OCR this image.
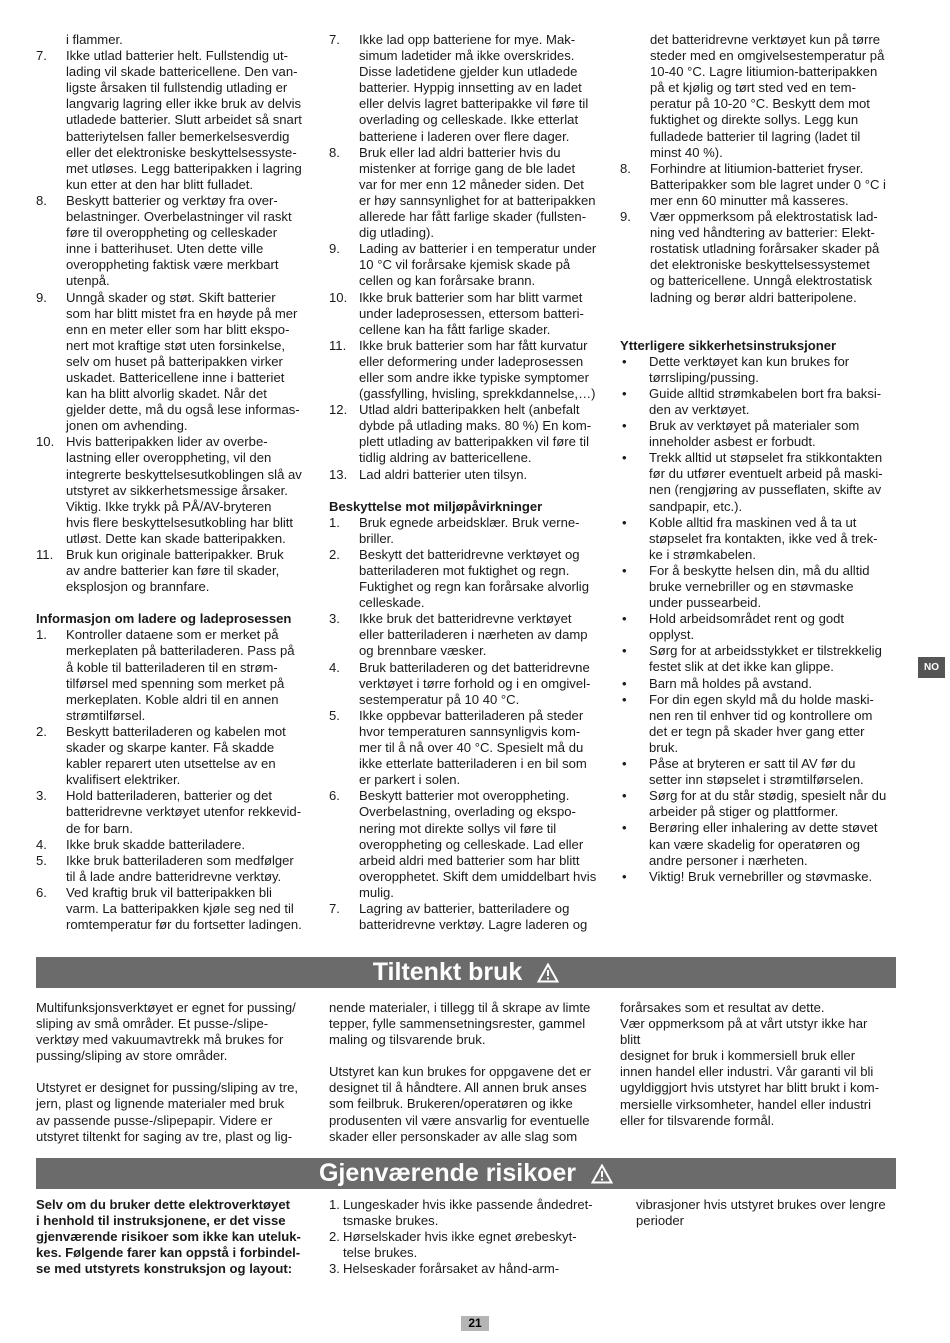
i flammer.
7. Ikke utlad batterier helt. Fullstendig ut-
lading vil skade battericellene. Den van-
ligste årsaken til fullstendig utlading er
langvarig lagring eller ikke bruk av delvis
utladede batterier. Slutt arbeidet så snart
batteriytelsen faller bemerkelsesverdig
eller det elektroniske beskyttelsessyste-
met utløses. Legg batteripakken i lagring
kun etter at den har blitt fulladet.
8. Beskytt batterier og verktøy fra over-
belastninger. Overbelastninger vil raskt
føre til overoppheting og celleskader
inne i batterihuset. Uten dette ville
overoppheting faktisk være merkbart
utenpå.
9. Unngå skader og støt. Skift batterier
som har blitt mistet fra en høyde på mer
enn en meter eller som har blitt ekspo-
nert mot kraftige støt uten forsinkelse,
selv om huset på batteripakken virker
uskadet. Battericellene inne i batteriet
kan ha blitt alvorlig skadet. Når det
gjelder dette, må du også lese informas-
jonen om avhending.
10. Hvis batteripakken lider av overbe-
lastning eller overoppheting, vil den
integrerte beskyttelsesutkoblingen slå av
utstyret av sikkerhetsmessige årsaker.
Viktig. Ikke trykk på PÅ/AV-bryteren
hvis flere beskyttelsesutkobling har blitt
utløst. Dette kan skade batteripakken.
11. Bruk kun originale batteripakker. Bruk
av andre batterier kan føre til skader,
eksplosjon og brannfare.
Informasjon om ladere og ladeprosessen
1. Kontroller dataene som er merket på
merkeplaten på batteriladeren. Pass på
å koble til batteriladeren til en strøm-
tilførsel med spenning som merket på
merkeplaten. Koble aldri til en annen
strømtilførsel.
2. Beskytt batteriladeren og kabelen mot
skader og skarpe kanter. Få skadde
kabler reparert uten utsettelse av en
kvalifisert elektriker.
3. Hold batteriladeren, batterier og det
batteridrevne verktøyet utenfor rekkevid-
de for barn.
4. Ikke bruk skadde batteriladere.
5. Ikke bruk batteriladeren som medfølger
til å lade andre batteridrevne verktøy.
6. Ved kraftig bruk vil batteripakken bli
varm. La batteripakken kjøle seg ned til
romtemperatur før du fortsetter ladingen.
7. Ikke lad opp batteriene for mye. Mak-
simum ladetider må ikke overskrides.
Disse ladetidene gjelder kun utladede
batterier. Hyppig innsetting av en ladet
eller delvis lagret batteripakke vil føre til
overlading og celleskade. Ikke etterlat
batteriene i laderen over flere dager.
8. Bruk eller lad aldri batterier hvis du
mistenker at forrige gang de ble ladet
var for mer enn 12 måneder siden. Det
er høy sannsynlighet for at batteripakken
allerede har fått farlige skader (fullsten-
dig utlading).
9. Lading av batterier i en temperatur under
10 °C vil forårsake kjemisk skade på
cellen og kan forårsake brann.
10. Ikke bruk batterier som har blitt varmet
under ladeprosessen, ettersom batteri-
cellene kan ha fått farlige skader.
11. Ikke bruk batterier som har fått kurvatur
eller deformering under ladeprosessen
eller som andre ikke typiske symptomer
(gassfylling, hvisling, sprekkdannelse,…)
12. Utlad aldri batteripakken helt (anbefalt
dybde på utlading maks. 80 %) En kom-
plett utlading av batteripakken vil føre til
tidlig aldring av battericellene.
13. Lad aldri batterier uten tilsyn.
Beskyttelse mot miljøpåvirkninger
1. Bruk egnede arbeidsklær. Bruk verne-
briller.
2. Beskytt det batteridrevne verktøyet og
batteriladeren mot fuktighet og regn.
Fuktighet og regn kan forårsake alvorlig
celleskade.
3. Ikke bruk det batteridrevne verktøyet
eller batteriladeren i nærheten av damp
og brennbare væsker.
4. Bruk batteriladeren og det batteridrevne
verktøyet i tørre forhold og i en omgivel-
sestemperatur på 10 40 °C.
5. Ikke oppbevar batteriladeren på steder
hvor temperaturen sannsynligvis kom-
mer til å nå over 40 °C. Spesielt må du
ikke etterlate batteriladeren i en bil som
er parkert i solen.
6. Beskytt batterier mot overoppheting.
Overbelastning, overlading og ekspo-
nering mot direkte sollys vil føre til
overoppheting og celleskade. Lad eller
arbeid aldri med batterier som har blitt
overopphetet. Skift dem umiddelbart hvis
mulig.
7. Lagring av batterier, batteriladere og
batteridrevne verktøy. Lagre laderen og
det batteridrevne verktøyet kun på tørre
steder med en omgivelsestemperatur på
10-40 °C. Lagre litiumion-batteripakken
på et kjølig og tørt sted ved en tem-
peratur på 10-20 °C. Beskytt dem mot
fuktighet og direkte sollys. Legg kun
fulladede batterier til lagring (ladet til
minst 40 %).
8. Forhindre at litiumion-batteriet fryser.
Batteripakker som ble lagret under 0 °C i
mer enn 60 minutter må kasseres.
9. Vær oppmerksom på elektrostatisk lad-
ning ved håndtering av batterier: Elekt-
rostatisk utladning forårsaker skader på
det elektroniske beskyttelsessystemet
og battericellene. Unngå elektrostatisk
ladning og berør aldri batteripolene.
Ytterligere sikkerhetsinstruksjoner
• Dette verktøyet kan kun brukes for
tørrsliping/pussing.
• Guide alltid strømkabelen bort fra baksi-
den av verktøyet.
• Bruk av verktøyet på materialer som
inneholder asbest er forbudt.
• Trekk alltid ut støpselet fra stikkontakten
før du utfører eventuelt arbeid på maski-
nen (rengjøring av pusseflaten, skifte av
sandpapir, etc.).
• Koble alltid fra maskinen ved å ta ut
støpselet fra kontakten, ikke ved å trek-
ke i strømkabelen.
• For å beskytte helsen din, må du alltid
bruke vernebriller og en støvmaske
under pussearbeid.
• Hold arbeidsområdet rent og godt
opplyst.
• Sørg for at arbeidsstykket er tilstrekkelig
festet slik at det ikke kan glippe.
• Barn må holdes på avstand.
• For din egen skyld må du holde maski-
nen ren til enhver tid og kontrollere om
det er tegn på skader hver gang etter
bruk.
• Påse at bryteren er satt til AV før du
setter inn støpselet i strømtilførselen.
• Sørg for at du står stødig, spesielt når du
arbeider på stiger og plattformer.
• Berøring eller inhalering av dette støvet
kan være skadelig for operatøren og
andre personer i nærheten.
• Viktig! Bruk vernebriller og støvmaske.
NO
Tiltenkt bruk
Multifunksjonsverktøyet er egnet for pussing/
sliping av små områder. Et pusse-/slipe-
verktøy med vakuumavtrekk må brukes for
pussing/sliping av store områder.
Utstyret er designet for pussing/sliping av tre,
jern, plast og lignende materialer med bruk
av passende pusse-/slipepapir. Videre er
utstyret tiltenkt for saging av tre, plast og lig-
nende materialer, i tillegg til å skrape av limte
tepper, fylle sammensetningsrester, gammel
maling og tilsvarende bruk.
Utstyret kan kun brukes for oppgavene det er
designet til å håndtere. All annen bruk anses
som feilbruk. Brukeren/operatøren og ikke
produsenten vil være ansvarlig for eventuelle
skader eller personskader av alle slag som
forårsakes som et resultat av dette.
Vær oppmerksom på at vårt utstyr ikke har
blitt
designet for bruk i kommersiell bruk eller
innen handel eller industri. Vår garanti vil bli
ugyldiggjort hvis utstyret har blitt brukt i kom-
mersielle virksomheter, handel eller industri
eller for tilsvarende formål.
Gjenværende risikoer
Selv om du bruker dette elektroverktøyet
i henhold til instruksjonene, er det visse
gjenværende risikoer som ikke kan uteluk-
kes. Følgende farer kan oppstå i forbindel-
se med utstyrets konstruksjon og layout:
1. Lungeskader hvis ikke passende åndedret-
tsmaske brukes.
2. Hørselskader hvis ikke egnet ørebeskyt-
telse brukes.
3. Helseskader forårsaket av hånd-arm-
vibrasjoner hvis utstyret brukes over lengre
perioder
21
